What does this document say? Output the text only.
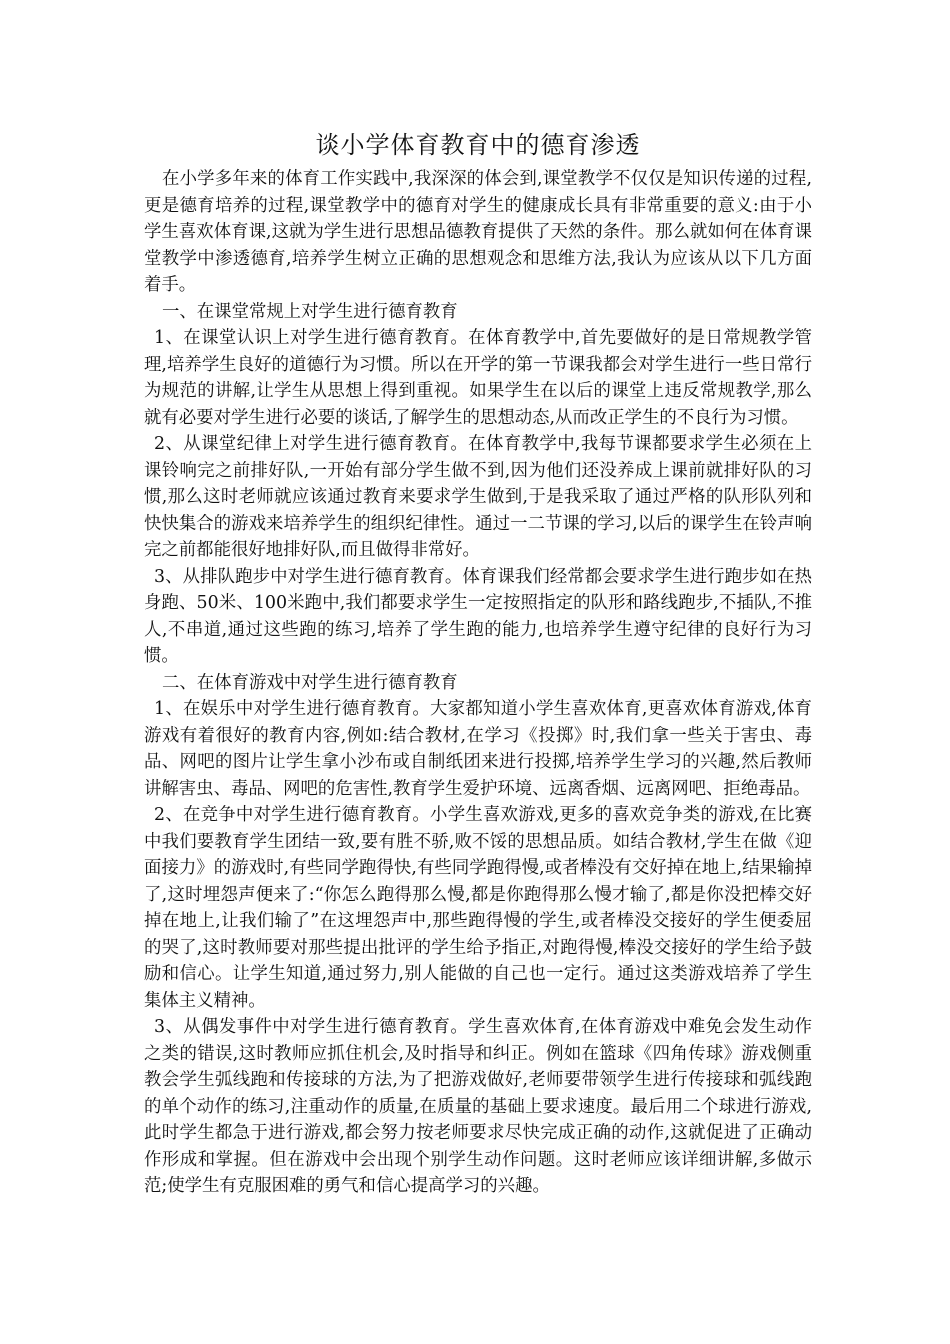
谈小学体育教育中的德育渗透

在小学多年来的体育工作实践中,我深深的体会到,课堂教学不仅仅是知识传递的过程,更是德育培养的过程,课堂教学中的德育对学生的健康成长具有非常重要的意义:由于小学生喜欢体育课,这就为学生进行思想品德教育提供了天然的条件。那么就如何在体育课堂教学中渗透德育,培养学生树立正确的思想观念和思维方法,我认为应该从以下几方面着手。

一、在课堂常规上对学生进行德育教育

1、在课堂认识上对学生进行德育教育。在体育教学中,首先要做好的是日常规教学管理,培养学生良好的道德行为习惯。所以在开学的第一节课我都会对学生进行一些日常行为规范的讲解,让学生从思想上得到重视。如果学生在以后的课堂上违反常规教学,那么就有必要对学生进行必要的谈话,了解学生的思想动态,从而改正学生的不良行为习惯。

2、从课堂纪律上对学生进行德育教育。在体育教学中,我每节课都要求学生必须在上课铃响完之前排好队,一开始有部分学生做不到,因为他们还没养成上课前就排好队的习惯,那么这时老师就应该通过教育来要求学生做到,于是我采取了通过严格的队形队列和快快集合的游戏来培养学生的组织纪律性。通过一二节课的学习,以后的课学生在铃声响完之前都能很好地排好队,而且做得非常好。

3、从排队跑步中对学生进行德育教育。体育课我们经常都会要求学生进行跑步如在热身跑、50米、100米跑中,我们都要求学生一定按照指定的队形和路线跑步,不插队,不推人,不串道,通过这些跑的练习,培养了学生跑的能力,也培养学生遵守纪律的良好行为习惯。

二、在体育游戏中对学生进行德育教育

1、在娱乐中对学生进行德育教育。大家都知道小学生喜欢体育,更喜欢体育游戏,体育游戏有着很好的教育内容,例如:结合教材,在学习《投掷》时,我们拿一些关于害虫、毒品、网吧的图片让学生拿小沙布或自制纸团来进行投掷,培养学生学习的兴趣,然后教师讲解害虫、毒品、网吧的危害性,教育学生爱护环境、远离香烟、远离网吧、拒绝毒品。

2、在竞争中对学生进行德育教育。小学生喜欢游戏,更多的喜欢竞争类的游戏,在比赛中我们要教育学生团结一致,要有胜不骄,败不馁的思想品质。如结合教材,学生在做《迎面接力》的游戏时,有些同学跑得快,有些同学跑得慢,或者棒没有交好掉在地上,结果输掉了,这时埋怨声便来了:“你怎么跑得那么慢,都是你跑得那么慢才输了,都是你没把棒交好掉在地上,让我们输了”在这埋怨声中,那些跑得慢的学生,或者棒没交接好的学生便委屈的哭了,这时教师要对那些提出批评的学生给予指正,对跑得慢,棒没交接好的学生给予鼓励和信心。让学生知道,通过努力,别人能做的自己也一定行。通过这类游戏培养了学生集体主义精神。

3、从偶发事件中对学生进行德育教育。学生喜欢体育,在体育游戏中难免会发生动作之类的错误,这时教师应抓住机会,及时指导和纠正。例如在篮球《四角传球》游戏侧重教会学生弧线跑和传接球的方法,为了把游戏做好,老师要带领学生进行传接球和弧线跑的单个动作的练习,注重动作的质量,在质量的基础上要求速度。最后用二个球进行游戏,此时学生都急于进行游戏,都会努力按老师要求尽快完成正确的动作,这就促进了正确动作形成和掌握。但在游戏中会出现个别学生动作问题。这时老师应该详细讲解,多做示范;使学生有克服困难的勇气和信心提高学习的兴趣。
